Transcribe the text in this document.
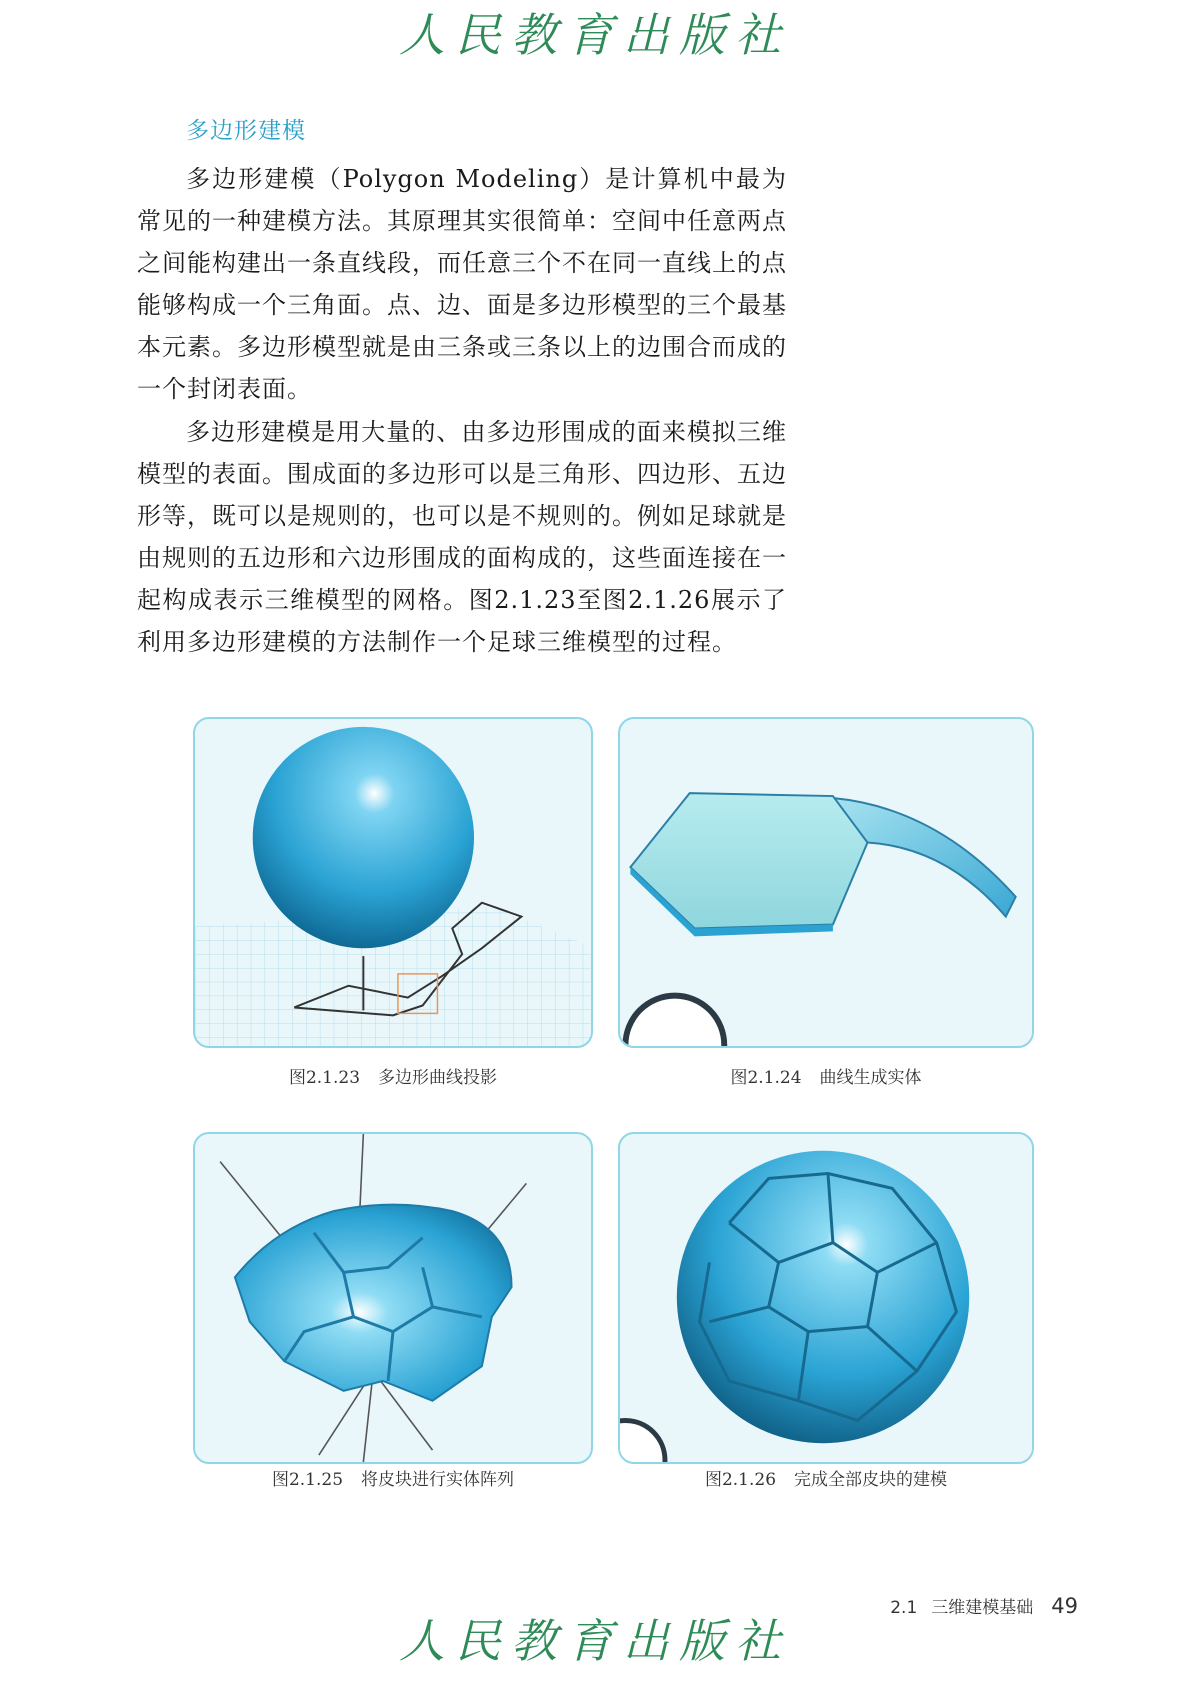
人民教育出版社
多边形建模

多边形建模（Polygon Modeling）是计算机中最为常见的一种建模方法。其原理其实很简单：空间中任意两点之间能构建出一条直线段，而任意三个不在同一直线上的点能够构成一个三角面。点、边、面是多边形模型的三个最基本元素。多边形模型就是由三条或三条以上的边围合而成的一个封闭表面。

多边形建模是用大量的、由多边形围成的面来模拟三维模型的表面。围成面的多边形可以是三角形、四边形、五边形等，既可以是规则的，也可以是不规则的。例如足球就是由规则的五边形和六边形围成的面构成的，这些面连接在一起构成表示三维模型的网格。图2.1.23至图2.1.26展示了利用多边形建模的方法制作一个足球三维模型的过程。

图2.1.23 多边形曲线投影	图2.1.24 曲线生成实体

图2.1.25 将皮块进行实体阵列	图2.1.26 完成全部皮块的建模

2.1 三维建模基础 49
人民教育出版社
